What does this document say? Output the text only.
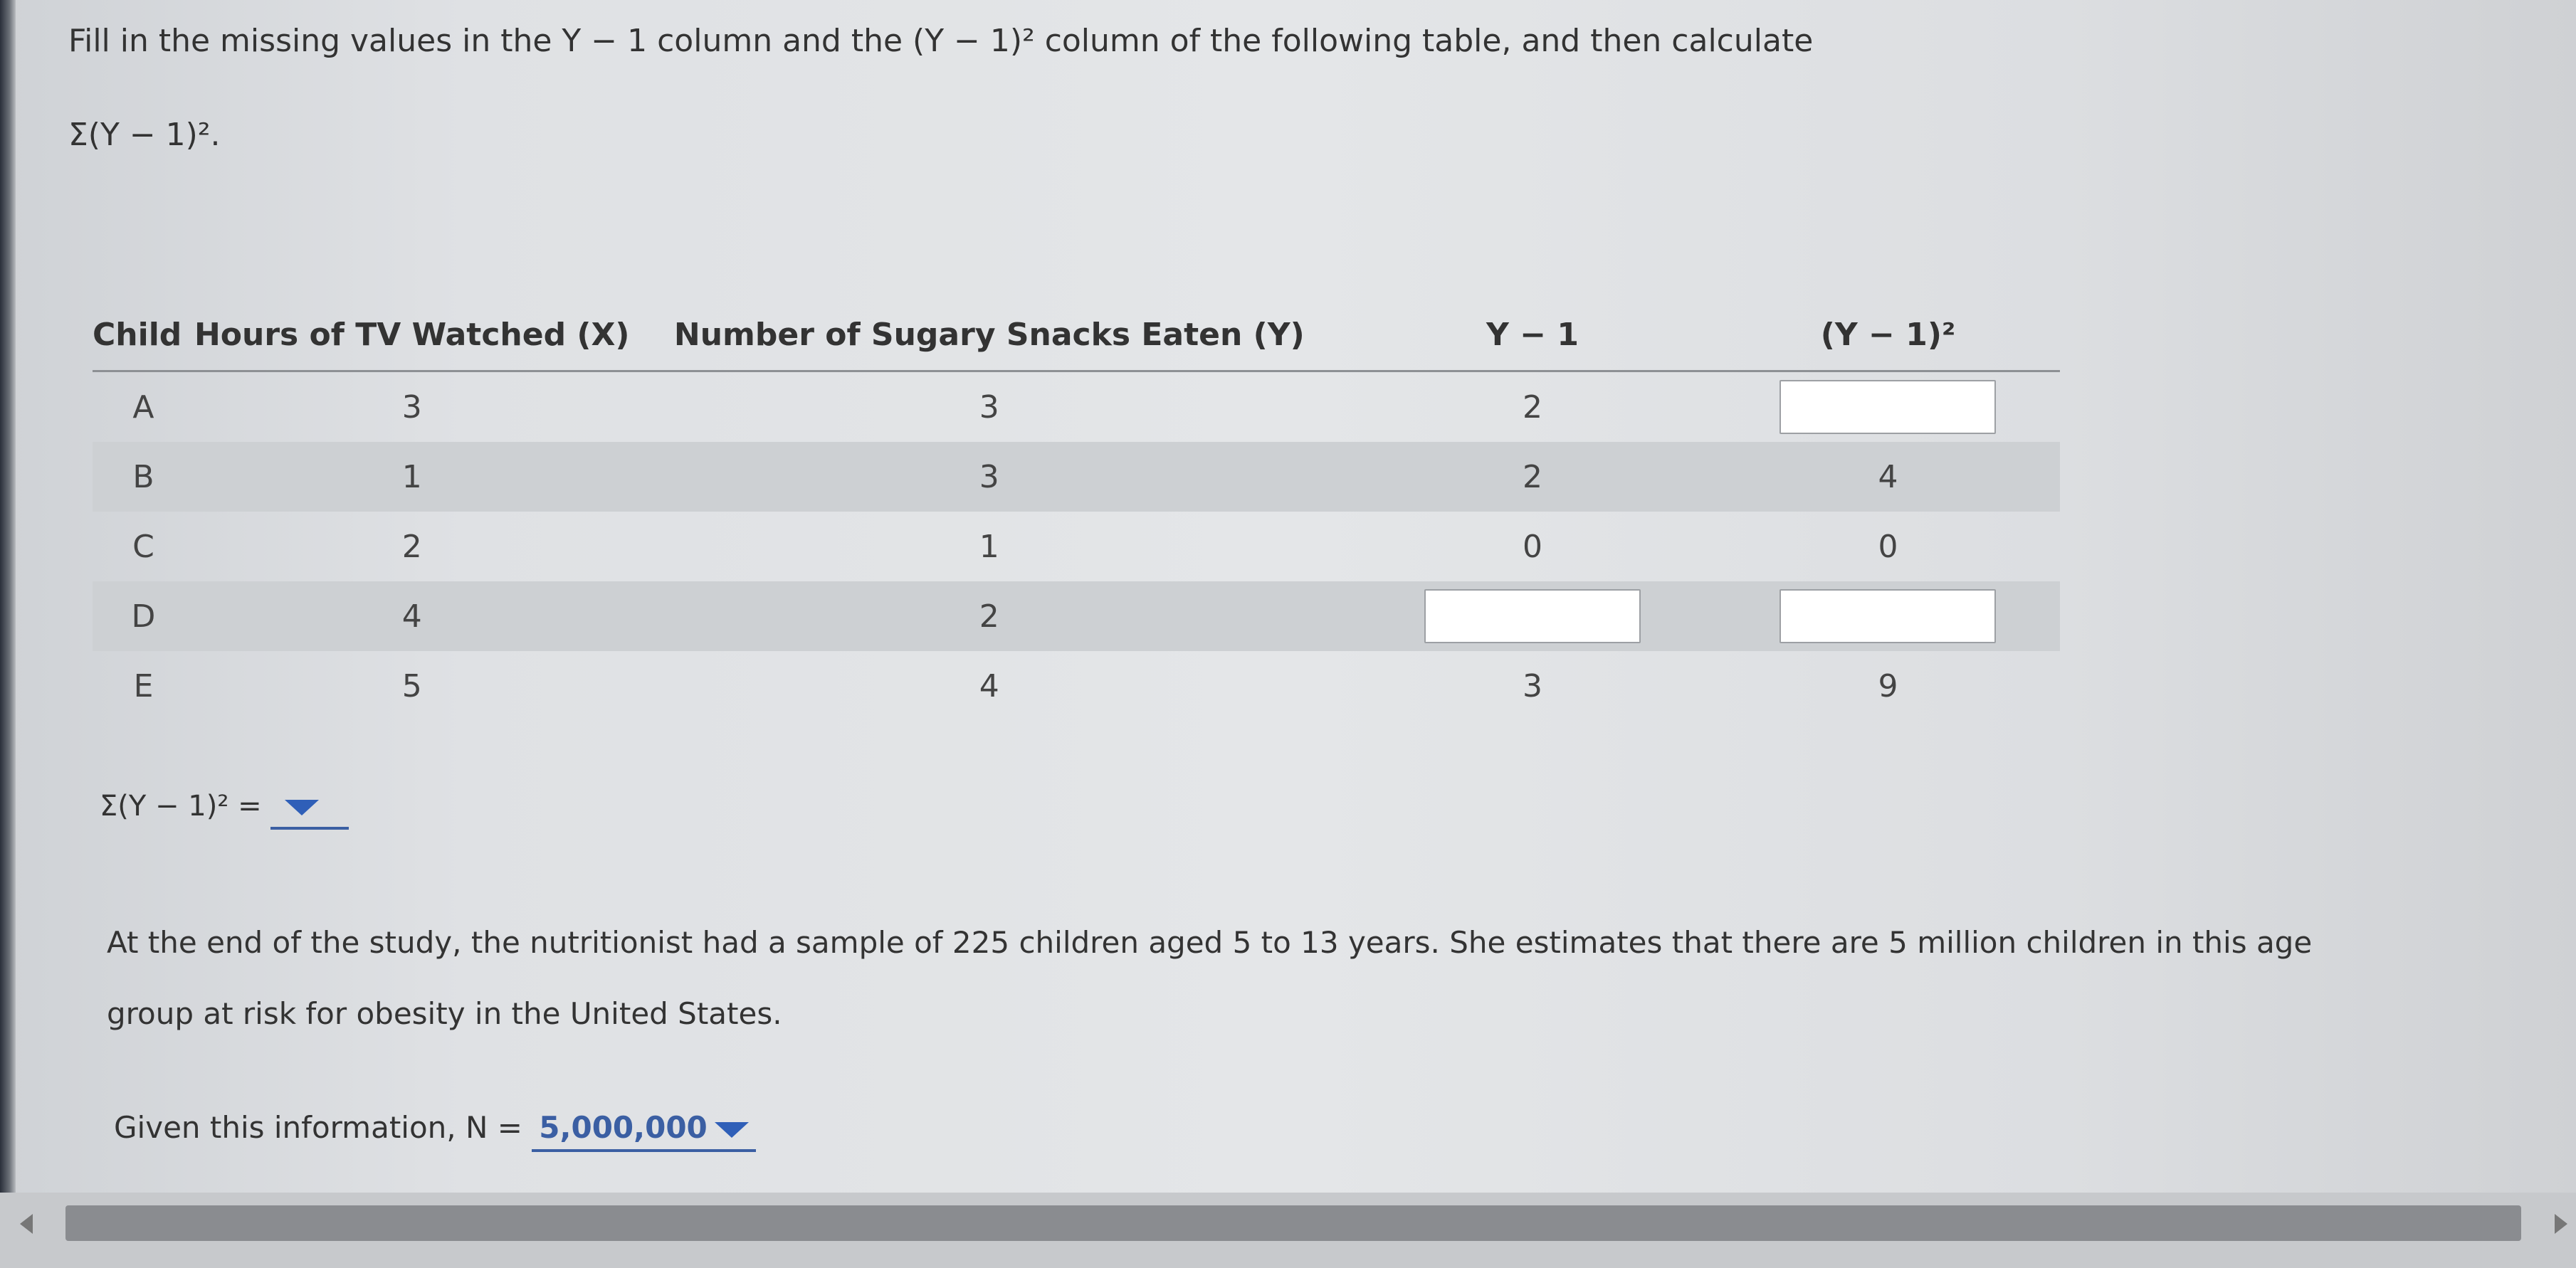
Fill in the missing values in the Y − 1 column and the (Y − 1)² column of the following table, and then calculate
Σ(Y − 1)².
Child	Hours of TV Watched (X)	Number of Sugary Snacks Eaten (Y)	Y − 1	(Y − 1)²
A	3	3	2	
B	1	3	2	4
C	2	1	0	0
D	4	2		
E	5	4	3	9
Σ(Y − 1)² =
At the end of the study, the nutritionist had a sample of 225 children aged 5 to 13 years. She estimates that there are 5 million children in this age
group at risk for obesity in the United States.
Given this information, N = 5,000,000
